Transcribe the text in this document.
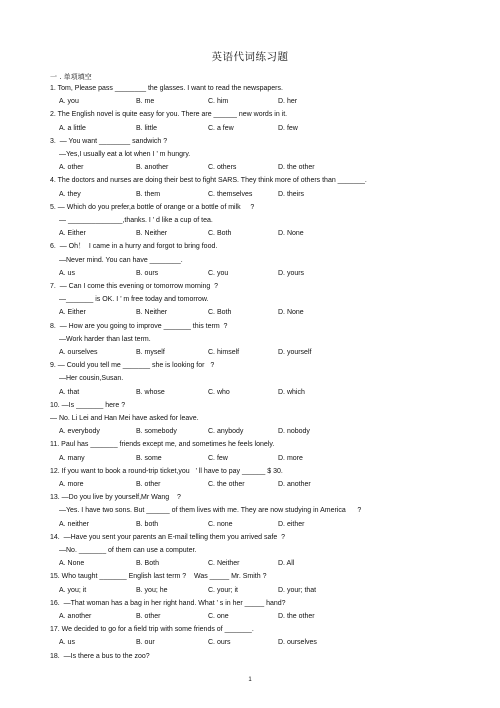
英语代词练习题
一 . 单项填空
1. Tom, Please pass ________ the glasses. I want to read the newspapers.
A. you	B. me	C. him	D. her
2. The English novel is quite easy for you. There are ______ new words in it.
A. a little	B. little	C. a few	D. few
3.  — You want ________ sandwich ?
—Yes,I usually eat a lot when I ’ m hungry.
A. other	B. another	C. others	D. the other
4. The doctors and nurses are doing their best to fight SARS. They think more of others than _______.
A. they	B. them	C. themselves	D. theirs
5. — Which do you prefer,a bottle of orange or a bottle of milk     ?
— ______________,thanks. I ’ d like a cup of tea.
A. Either	B. Neither	C. Both	D. None
6.  — Oh！  I came in a hurry and forgot to bring food.
—Never mind. You can have ________.
A. us	B. ours	C. you	D. yours
7.  — Can I come this evening or tomorrow morning  ?
—_______ is OK. I ’ m free today and tomorrow.
A. Either	B. Neither	C. Both	D. None
8.  — How are you going to improve _______ this term  ?
—Work harder than last term.
A. ourselves	B. myself	C. himself	D. yourself
9. — Could you tell me _______ she is looking for   ?
—Her cousin,Susan.
A. that	B. whose	C. who	D. which
10. —Is _______ here ?
— No. Li Lei and Han Mei have asked for leave.
A. everybody	B. somebody	C. anybody	D. nobody
11. Paul has _______ friends except me, and sometimes he feels lonely.
A. many	B. some	C. few	D. more
12. If you want to book a round-trip ticket,you   ’ ll have to pay ______ $ 30.
A. more	B. other	C. the other	D. another
13. —Do you live by yourself,Mr Wang    ?
—Yes. I have two sons. But ______ of them lives with me. They are now studying in America      ?
A. neither	B. both	C. none	D. either
14.  —Have you sent your parents an E-mail telling them you arrived safe  ?
—No. _______ of them can use a computer.
A. None	B. Both	C. Neither	D. All
15. Who taught _______ English last term ?    Was _____ Mr. Smith ?
A. you; it	B. you; he	C. your; it	D. your; that
16.  —That woman has a bag in her right hand. What ’ s in her _____ hand?
A. another	B. other	C. one	D. the other
17. We decided to go for a field trip with some friends of _______.
A. us	B. our	C. ours	D. ourselves
18.  —Is there a bus to the zoo?
1
